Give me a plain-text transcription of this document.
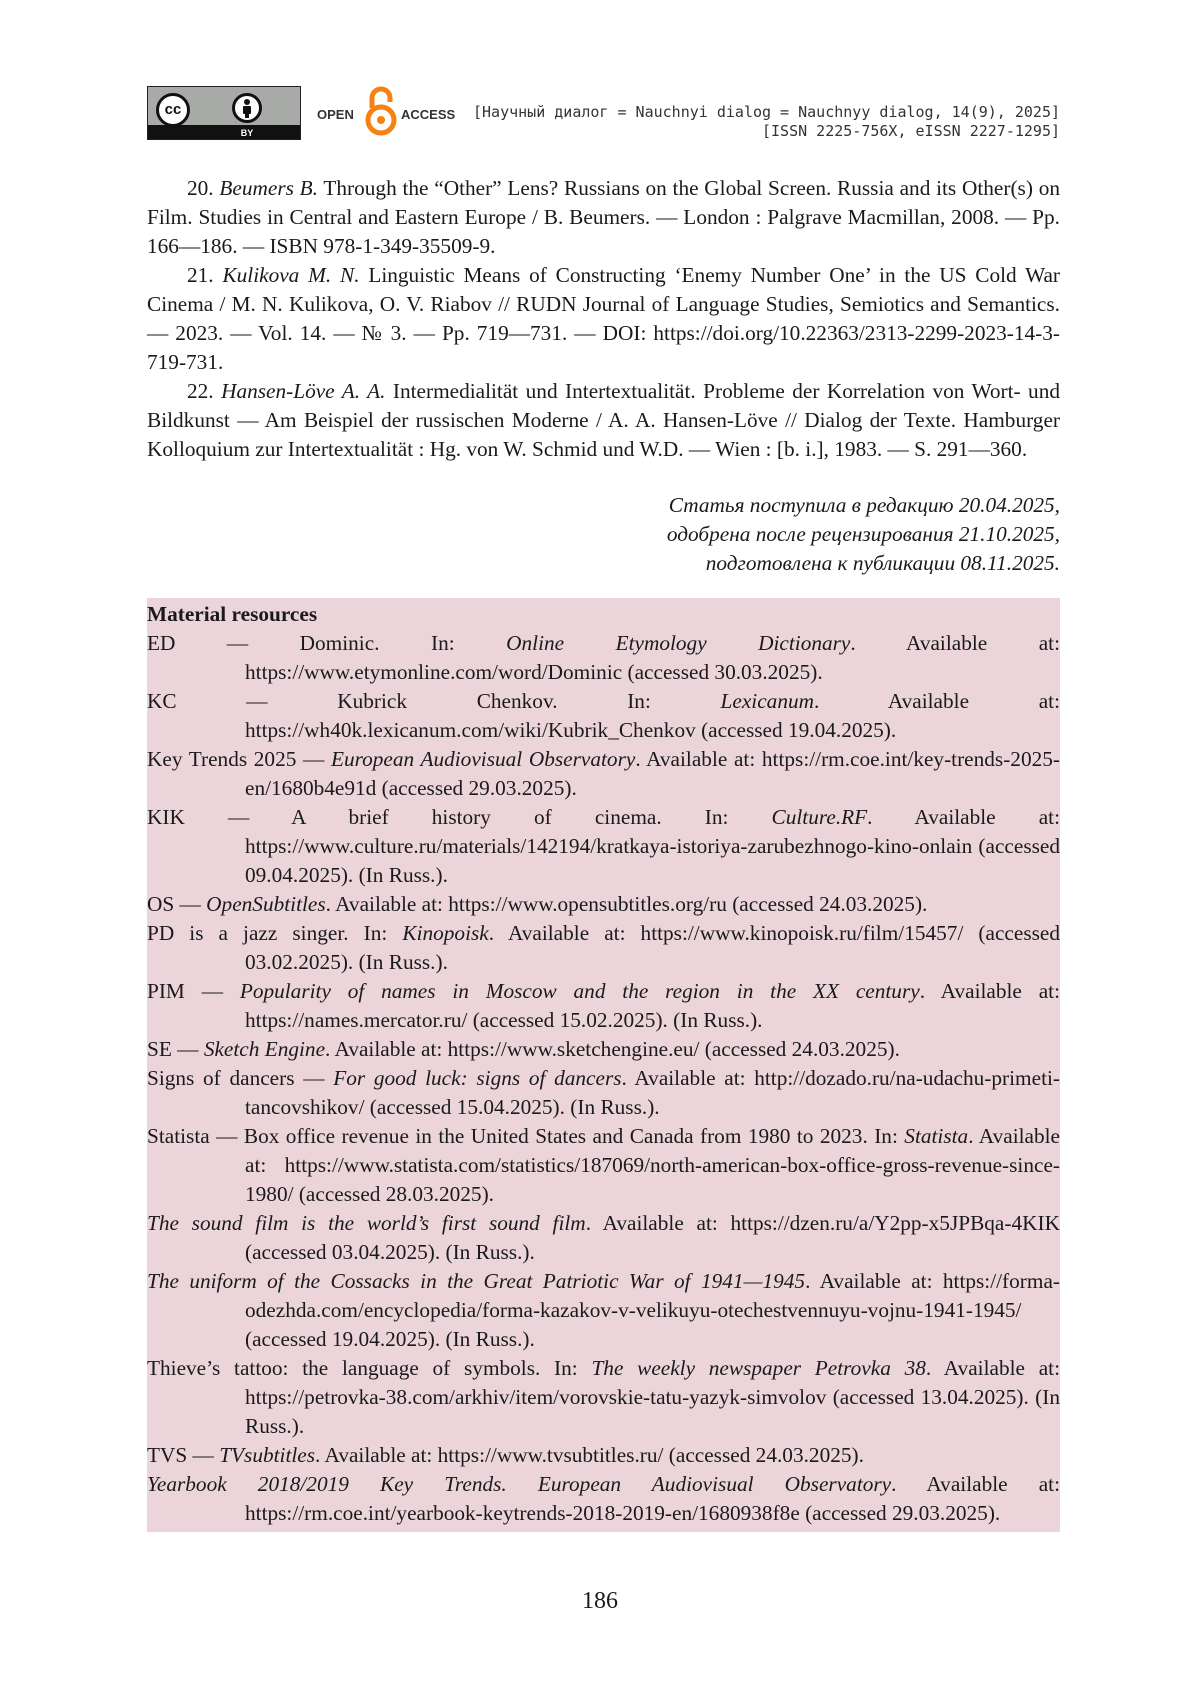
cc
BY
OPEN	ACCESS [Научный диалог = Nauchnyi dialog = Nauchnyy dialog, 14(9), 2025]
[ISSN 2225-756X, eISSN 2227-1295]

20. Beumers B. Through the “Other” Lens? Russians on the Global Screen. Russia and its Other(s) on Film. Studies in Central and Eastern Europe / B. Beumers. — London : Palgrave Macmillan, 2008. — Pp. 166—186. — ISBN 978-1-349-35509-9.

21. Kulikova M. N. Linguistic Means of Constructing ‘Enemy Number One’ in the US Cold War Cinema / M. N. Kulikova, O. V. Riabov // RUDN Journal of Language Studies, Semiotics and Semantics. — 2023. — Vol. 14. — № 3. — Pp. 719—731. — DOI: https://doi.org/10.22363/2313-2299-2023-14-3-719-731.

22. Hansen-Löve A. A. Intermedialität und Intertextualität. Probleme der Korrelation von Wort- und Bildkunst — Am Beispiel der russischen Moderne / A. A. Hansen-Löve // Dialog der Texte. Hamburger Kolloquium zur Intertextualität : Hg. von W. Schmid und W.D. — Wien : [b. i.], 1983. — S. 291—360.

Статья поступила в редакцию 20.04.2025,
одобрена после рецензирования 21.10.2025,
подготовлена к публикации 08.11.2025.

Material resources

ED — Dominic. In: Online Etymology Dictionary. Available at: https://www.etymonline.com/word/Dominic (accessed 30.03.2025).

KC — Kubrick Chenkov. In: Lexicanum. Available at: https://wh40k.lexicanum.com/wiki/Kubrik_Chenkov (accessed 19.04.2025).

Key Trends 2025 — European Audiovisual Observatory. Available at: https://rm.coe.int/key-trends-2025-en/1680b4e91d (accessed 29.03.2025).

KIK — A brief history of cinema. In: Culture.RF. Available at: https://www.culture.ru/materials/142194/kratkaya-istoriya-zarubezhnogo-kino-onlain (accessed 09.04.2025). (In Russ.).

OS — OpenSubtitles. Available at: https://www.opensubtitles.org/ru (accessed 24.03.2025).

PD is a jazz singer. In: Kinopoisk. Available at: https://www.kinopoisk.ru/film/15457/ (accessed 03.02.2025). (In Russ.).

PIM — Popularity of names in Moscow and the region in the XX century. Available at: https://names.mercator.ru/ (accessed 15.02.2025). (In Russ.).

SE — Sketch Engine. Available at: https://www.sketchengine.eu/ (accessed 24.03.2025).

Signs of dancers — For good luck: signs of dancers. Available at: http://dozado.ru/na-udachu-primeti-tancovshikov/ (accessed 15.04.2025). (In Russ.).

Statista — Box office revenue in the United States and Canada from 1980 to 2023. In: Statista. Available at: https://www.statista.com/statistics/187069/north-american-box-office-gross-revenue-since-1980/ (accessed 28.03.2025).

The sound film is the world’s first sound film. Available at: https://dzen.ru/a/Y2pp-x5JPBqa-4KIK (accessed 03.04.2025). (In Russ.).

The uniform of the Cossacks in the Great Patriotic War of 1941—1945. Available at: https://forma-odezhda.com/encyclopedia/forma-kazakov-v-velikuyu-otechestvennuyu-vojnu-1941-1945/ (accessed 19.04.2025). (In Russ.).

Thieve’s tattoo: the language of symbols. In: The weekly newspaper Petrovka 38. Available at: https://petrovka-38.com/arkhiv/item/vorovskie-tatu-yazyk-simvolov (accessed 13.04.2025). (In Russ.).

TVS — TVsubtitles. Available at: https://www.tvsubtitles.ru/ (accessed 24.03.2025).

Yearbook 2018/2019 Key Trends. European Audiovisual Observatory. Available at: https://rm.coe.int/yearbook-keytrends-2018-2019-en/1680938f8e (accessed 29.03.2025).

186
